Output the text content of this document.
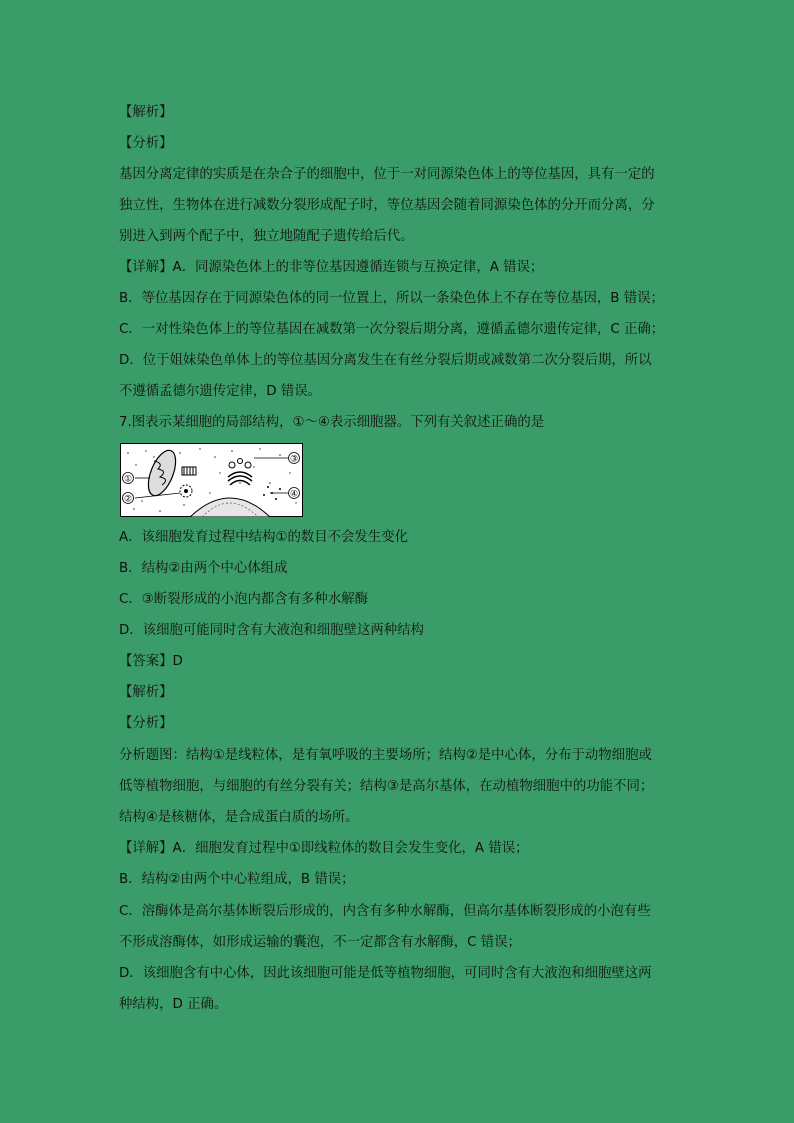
【解析】
【分析】
基因分离定律的实质是在杂合子的细胞中，位于一对同源染色体上的等位基因，具有一定的
独立性，生物体在进行减数分裂形成配子时，等位基因会随着同源染色体的分开而分离，分
别进入到两个配子中，独立地随配子遗传给后代。
【详解】A．同源染色体上的非等位基因遵循连锁与互换定律，A 错误；
B．等位基因存在于同源染色体的同一位置上，所以一条染色体上不存在等位基因，B 错误；
C．一对性染色体上的等位基因在减数第一次分裂后期分离，遵循孟德尔遗传定律，C 正确；
D．位于姐妹染色单体上的等位基因分离发生在有丝分裂后期或减数第二次分裂后期，所以
不遵循孟德尔遗传定律，D 错误。
7.图表示某细胞的局部结构，①～④表示细胞器。下列有关叙述正确的是
①
②
③
④
A．该细胞发育过程中结构①的数目不会发生变化
B．结构②由两个中心体组成
C．③断裂形成的小泡内都含有多种水解酶
D．该细胞可能同时含有大液泡和细胞壁这两种结构
【答案】D
【解析】
【分析】
分析题图：结构①是线粒体，是有氧呼吸的主要场所；结构②是中心体，分布于动物细胞或
低等植物细胞，与细胞的有丝分裂有关；结构③是高尔基体，在动植物细胞中的功能不同；
结构④是核糖体，是合成蛋白质的场所。
【详解】A．细胞发育过程中①即线粒体的数目会发生变化，A 错误；
B．结构②由两个中心粒组成，B 错误；
C．溶酶体是高尔基体断裂后形成的，内含有多种水解酶，但高尔基体断裂形成的小泡有些
不形成溶酶体，如形成运输的囊泡，不一定都含有水解酶，C 错误；
D．该细胞含有中心体，因此该细胞可能是低等植物细胞，可同时含有大液泡和细胞壁这两
种结构，D 正确。
